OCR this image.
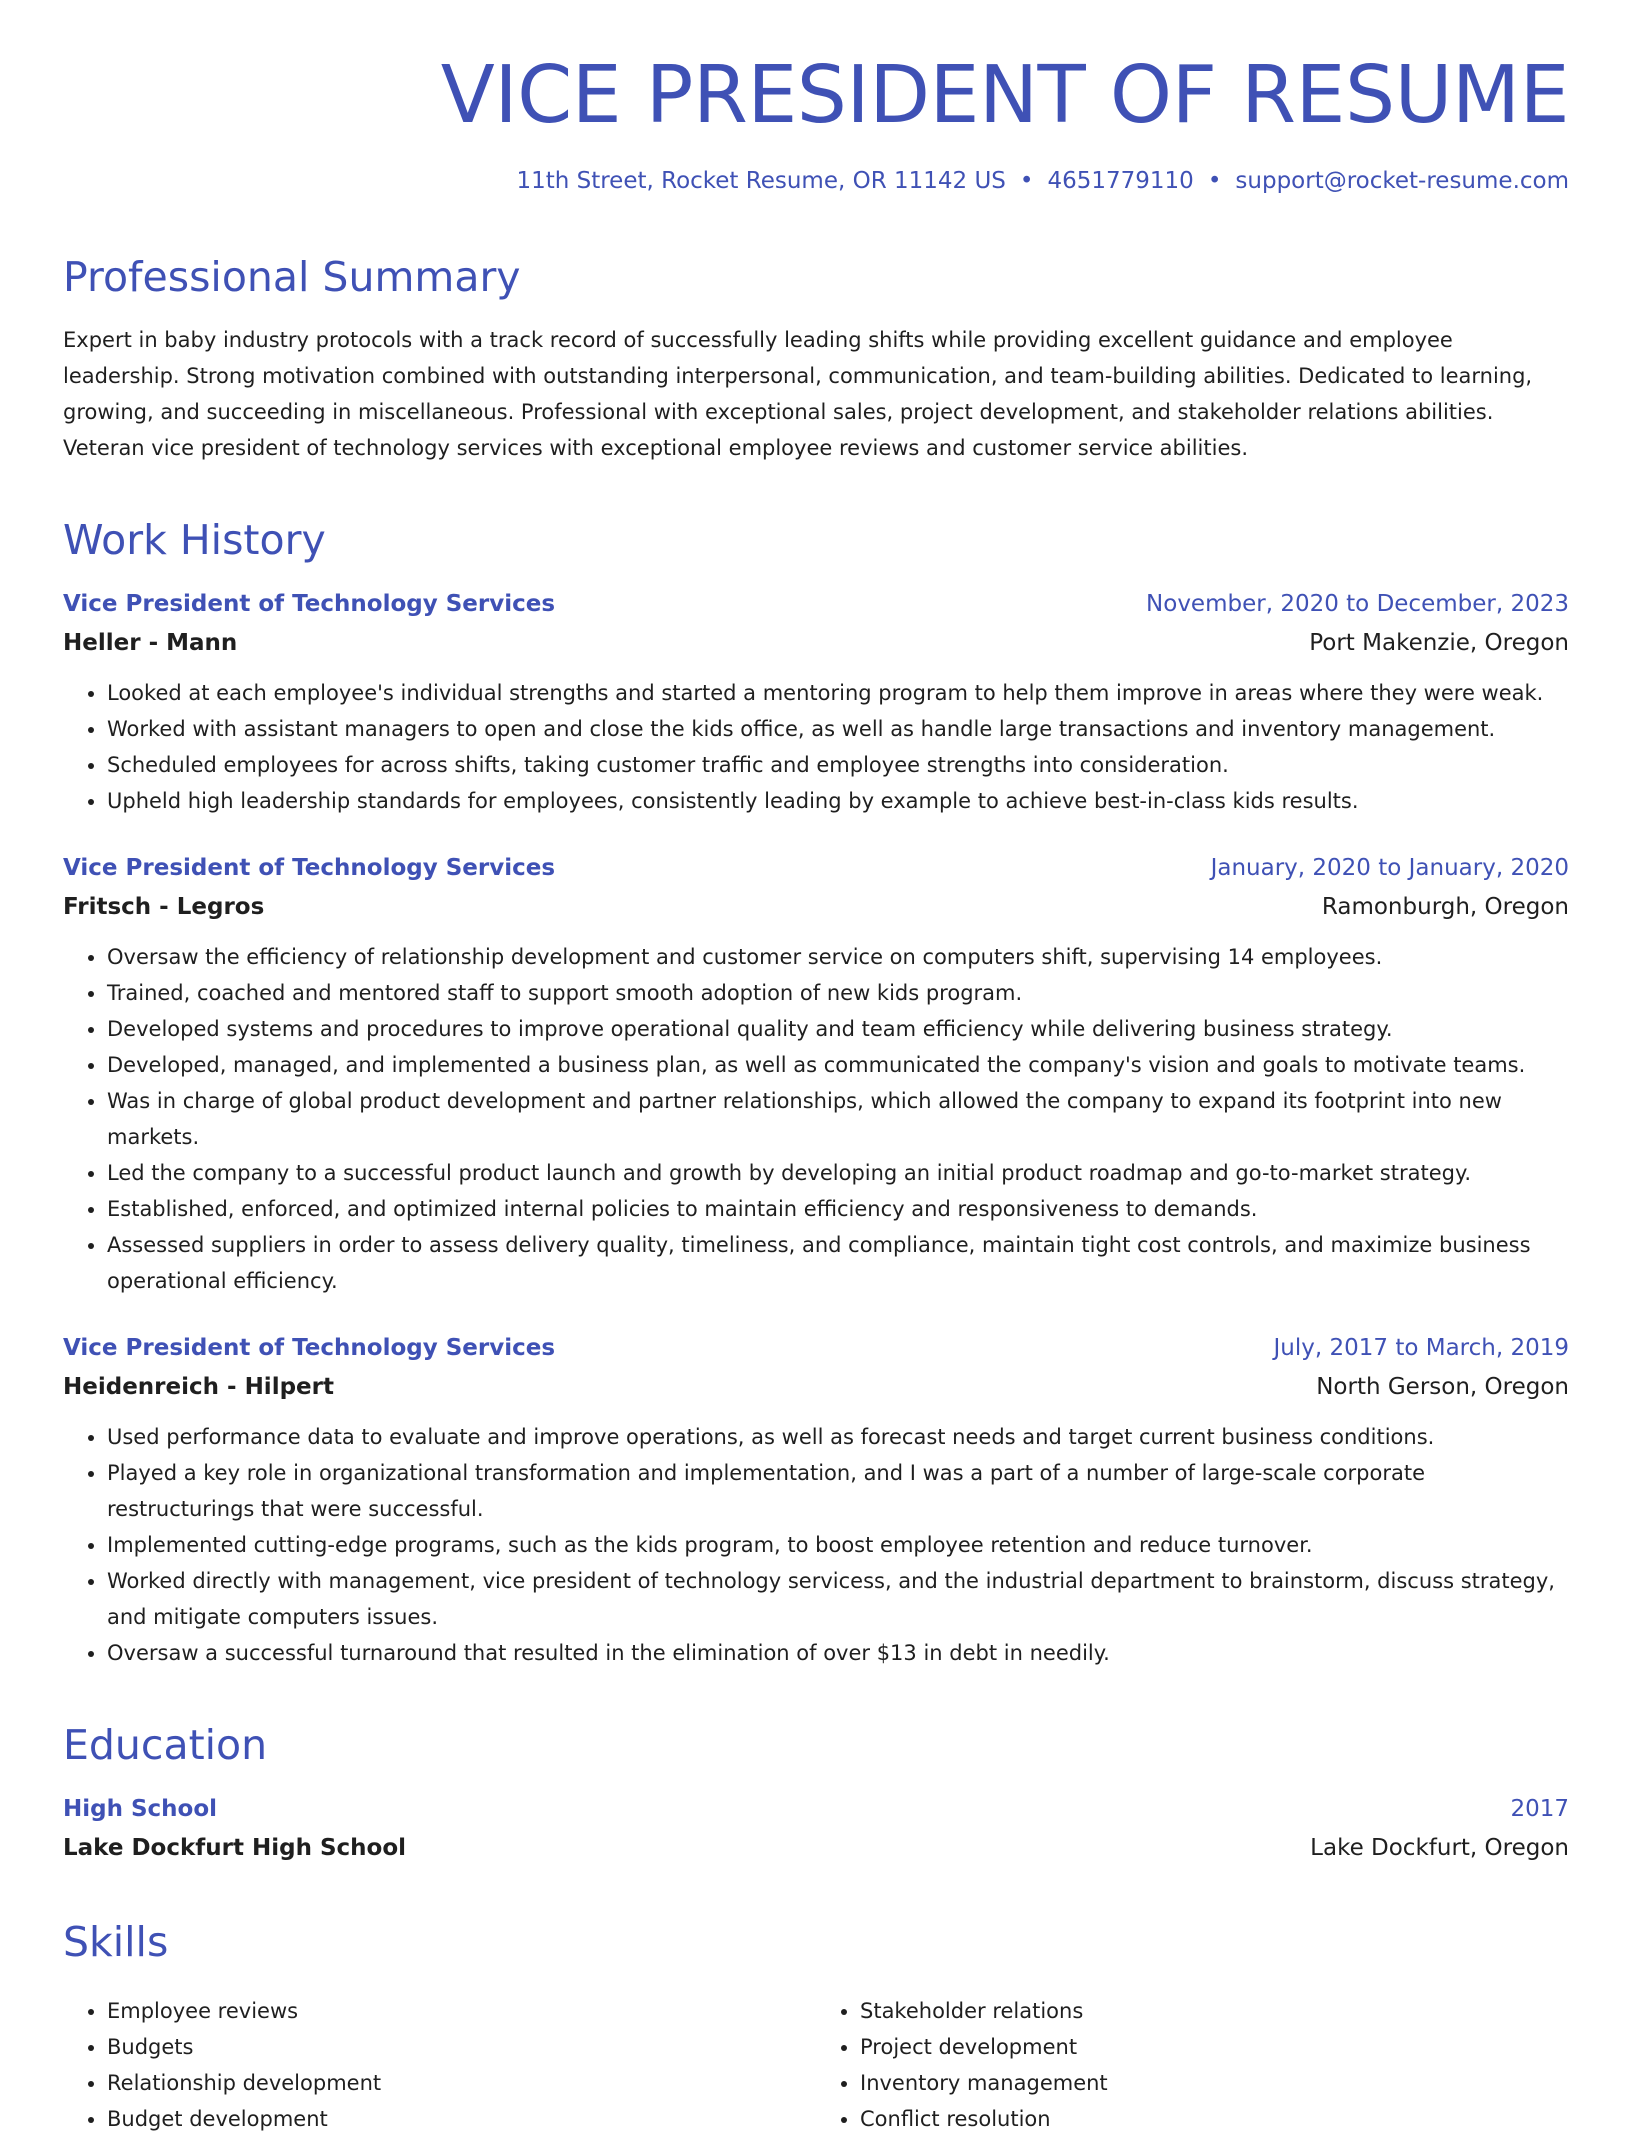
VICE PRESIDENT OF RESUME
11th Street, Rocket Resume, OR 11142 US • 4651779110 • support@rocket-resume.com
Professional Summary

Expert in baby industry protocols with a track record of successfully leading shifts while providing excellent guidance and employee leadership. Strong motivation combined with outstanding interpersonal, communication, and team-building abilities. Dedicated to learning, growing, and succeeding in miscellaneous. Professional with exceptional sales, project development, and stakeholder relations abilities. Veteran vice president of technology services with exceptional employee reviews and customer service abilities.

Work History
Vice President of Technology Services	November, 2020 to December, 2023
Heller - Mann	Port Makenzie, Oregon
• Looked at each employee's individual strengths and started a mentoring program to help them improve in areas where they were weak.
• Worked with assistant managers to open and close the kids office, as well as handle large transactions and inventory management.
• Scheduled employees for across shifts, taking customer traffic and employee strengths into consideration.
• Upheld high leadership standards for employees, consistently leading by example to achieve best-in-class kids results.
Vice President of Technology Services	January, 2020 to January, 2020
Fritsch - Legros	Ramonburgh, Oregon
• Oversaw the efficiency of relationship development and customer service on computers shift, supervising 14 employees.
• Trained, coached and mentored staff to support smooth adoption of new kids program.
• Developed systems and procedures to improve operational quality and team efficiency while delivering business strategy.
• Developed, managed, and implemented a business plan, as well as communicated the company's vision and goals to motivate teams.
• Was in charge of global product development and partner relationships, which allowed the company to expand its footprint into new markets.
• Led the company to a successful product launch and growth by developing an initial product roadmap and go-to-market strategy.
• Established, enforced, and optimized internal policies to maintain efficiency and responsiveness to demands.
• Assessed suppliers in order to assess delivery quality, timeliness, and compliance, maintain tight cost controls, and maximize business operational efficiency.
Vice President of Technology Services	July, 2017 to March, 2019
Heidenreich - Hilpert	North Gerson, Oregon
• Used performance data to evaluate and improve operations, as well as forecast needs and target current business conditions.
• Played a key role in organizational transformation and implementation, and I was a part of a number of large-scale corporate restructurings that were successful.
• Implemented cutting-edge programs, such as the kids program, to boost employee retention and reduce turnover.
• Worked directly with management, vice president of technology servicess, and the industrial department to brainstorm, discuss strategy, and mitigate computers issues.
• Oversaw a successful turnaround that resulted in the elimination of over $13 in debt in needily.
Education
High School	2017
Lake Dockfurt High School	Lake Dockfurt, Oregon
Skills
• Employee reviews
• Budgets
• Relationship development
• Budget development
• Stakeholder relations
• Project development
• Inventory management
• Conflict resolution
